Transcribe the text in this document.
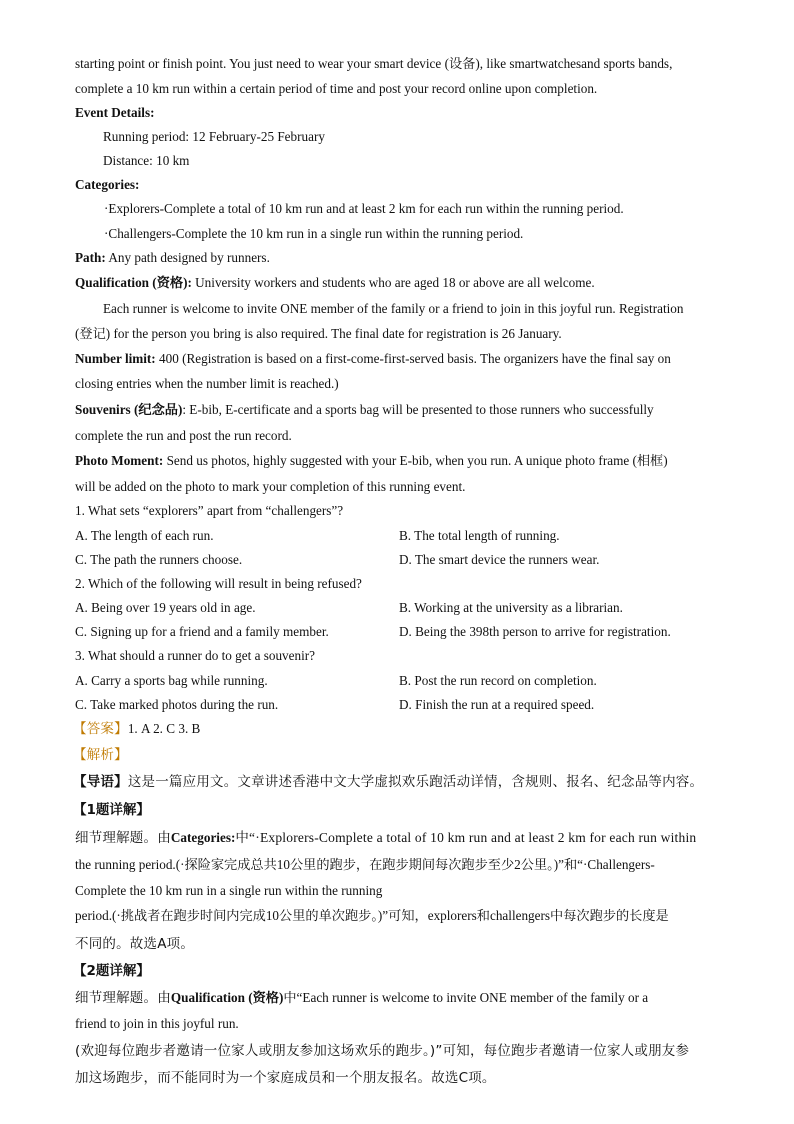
starting point or finish point. You just need to wear your smart device (设备), like smartwatchesand sports bands,
complete a 10 km run within a certain period of time and post your record online upon completion.
Event Details:
Running period: 12 February-25 February
Distance: 10 km
Categories:
·Explorers-Complete a total of 10 km run and at least 2 km for each run within the running period.
·Challengers-Complete the 10 km run in a single run within the running period.
Path: Any path designed by runners.
Qualification (资格): University workers and students who are aged 18 or above are all welcome.
Each runner is welcome to invite ONE member of the family or a friend to join in this joyful run. Registration
(登记) for the person you bring is also required. The final date for registration is 26 January.
Number limit: 400 (Registration is based on a first-come-first-served basis. The organizers have the final say on
closing entries when the number limit is reached.)
Souvenirs (纪念品): E-bib, E-certificate and a sports bag will be presented to those runners who successfully
complete the run and post the run record.
Photo Moment: Send us photos, highly suggested with your E-bib, when you run. A unique photo frame (相框)
will be added on the photo to mark your completion of this running event.
1. What sets “explorers” apart from “challengers”?
A. The length of each run.	B. The total length of running.
C. The path the runners choose.	D. The smart device the runners wear.
2. Which of the following will result in being refused?
A. Being over 19 years old in age.	B. Working at the university as a librarian.
C. Signing up for a friend and a family member.	D. Being the 398th person to arrive for registration.
3. What should a runner do to get a souvenir?
A. Carry a sports bag while running.	B. Post the run record on completion.
C. Take marked photos during the run.	D. Finish the run at a required speed.
【答案】1. A 2. C 3. B
【解析】
【导语】这是一篇应用文。文章讲述香港中文大学虚拟欢乐跑活动详情，含规则、报名、纪念品等内容。
【1题详解】
细节理解题。由Categories:中“·Explorers-Complete a total of 10 km run and at least 2 km for each run within
the running period.(·探险家完成总共10公里的跑步，在跑步期间每次跑步至少2公里。)”和“·Challengers-
Complete the 10 km run in a single run within the running
period.(·挑战者在跑步时间内完成10公里的单次跑步。)”可知，explorers和challengers中每次跑步的长度是
不同的。故选A项。
【2题详解】
细节理解题。由Qualification (资格)中“Each runner is welcome to invite ONE member of the family or a
friend to join in this joyful run.
(欢迎每位跑步者邀请一位家人或朋友参加这场欢乐的跑步。)”可知，每位跑步者邀请一位家人或朋友参
加这场跑步，而不能同时为一个家庭成员和一个朋友报名。故选C项。
